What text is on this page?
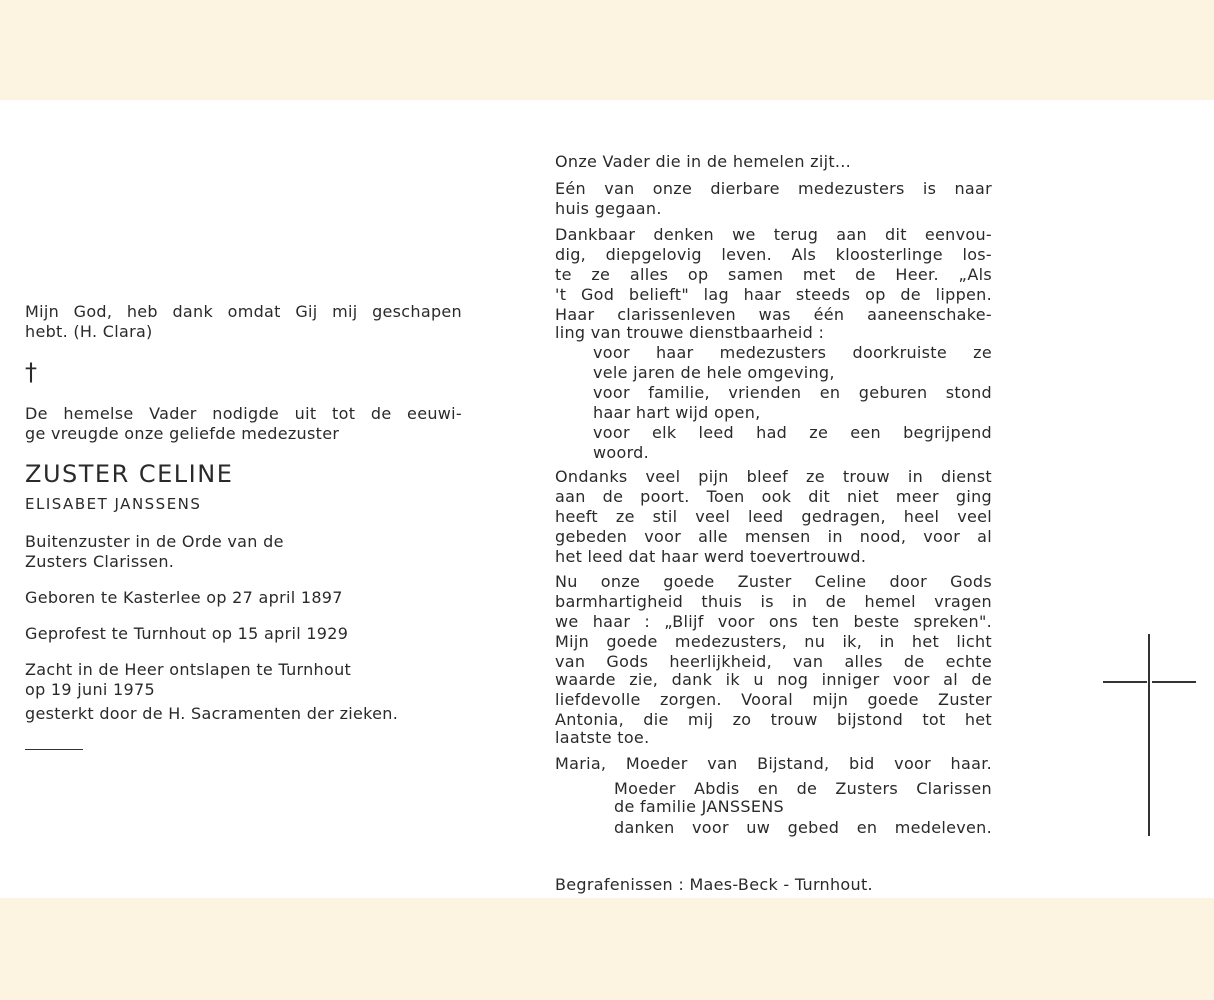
Mijn God, heb dank omdat Gij mij geschapen
hebt. (H. Clara)
†
De hemelse Vader nodigde uit tot de eeuwi-
ge vreugde onze geliefde medezuster
ZUSTER CELINE
ELISABET JANSSENS
Buitenzuster in de Orde van de
Zusters Clarissen.
Geboren te Kasterlee op 27 april 1897
Geprofest te Turnhout op 15 april 1929
Zacht in de Heer ontslapen te Turnhout
op 19 juni 1975
gesterkt door de H. Sacramenten der zieken.
Onze Vader die in de hemelen zijt...
Eén van onze dierbare medezusters is naar
huis gegaan.
Dankbaar denken we terug aan dit eenvou-
dig, diepgelovig leven. Als kloosterlinge los-
te ze alles op samen met de Heer. „Als
't God belieft" lag haar steeds op de lippen.
Haar clarissenleven was één aaneenschake-
ling van trouwe dienstbaarheid :
voor haar medezusters doorkruiste ze
vele jaren de hele omgeving,
voor familie, vrienden en geburen stond
haar hart wijd open,
voor elk leed had ze een begrijpend
woord.
Ondanks veel pijn bleef ze trouw in dienst
aan de poort. Toen ook dit niet meer ging
heeft ze stil veel leed gedragen, heel veel
gebeden voor alle mensen in nood, voor al
het leed dat haar werd toevertrouwd.
Nu onze goede Zuster Celine door Gods
barmhartigheid thuis is in de hemel vragen
we haar : „Blijf voor ons ten beste spreken".
Mijn goede medezusters, nu ik, in het licht
van Gods heerlijkheid, van alles de echte
waarde zie, dank ik u nog inniger voor al de
liefdevolle zorgen. Vooral mijn goede Zuster
Antonia, die mij zo trouw bijstond tot het
laatste toe.
Maria, Moeder van Bijstand, bid voor haar.
Moeder Abdis en de Zusters Clarissen
de familie JANSSENS
danken voor uw gebed en medeleven.
Begrafenissen : Maes-Beck - Turnhout.
